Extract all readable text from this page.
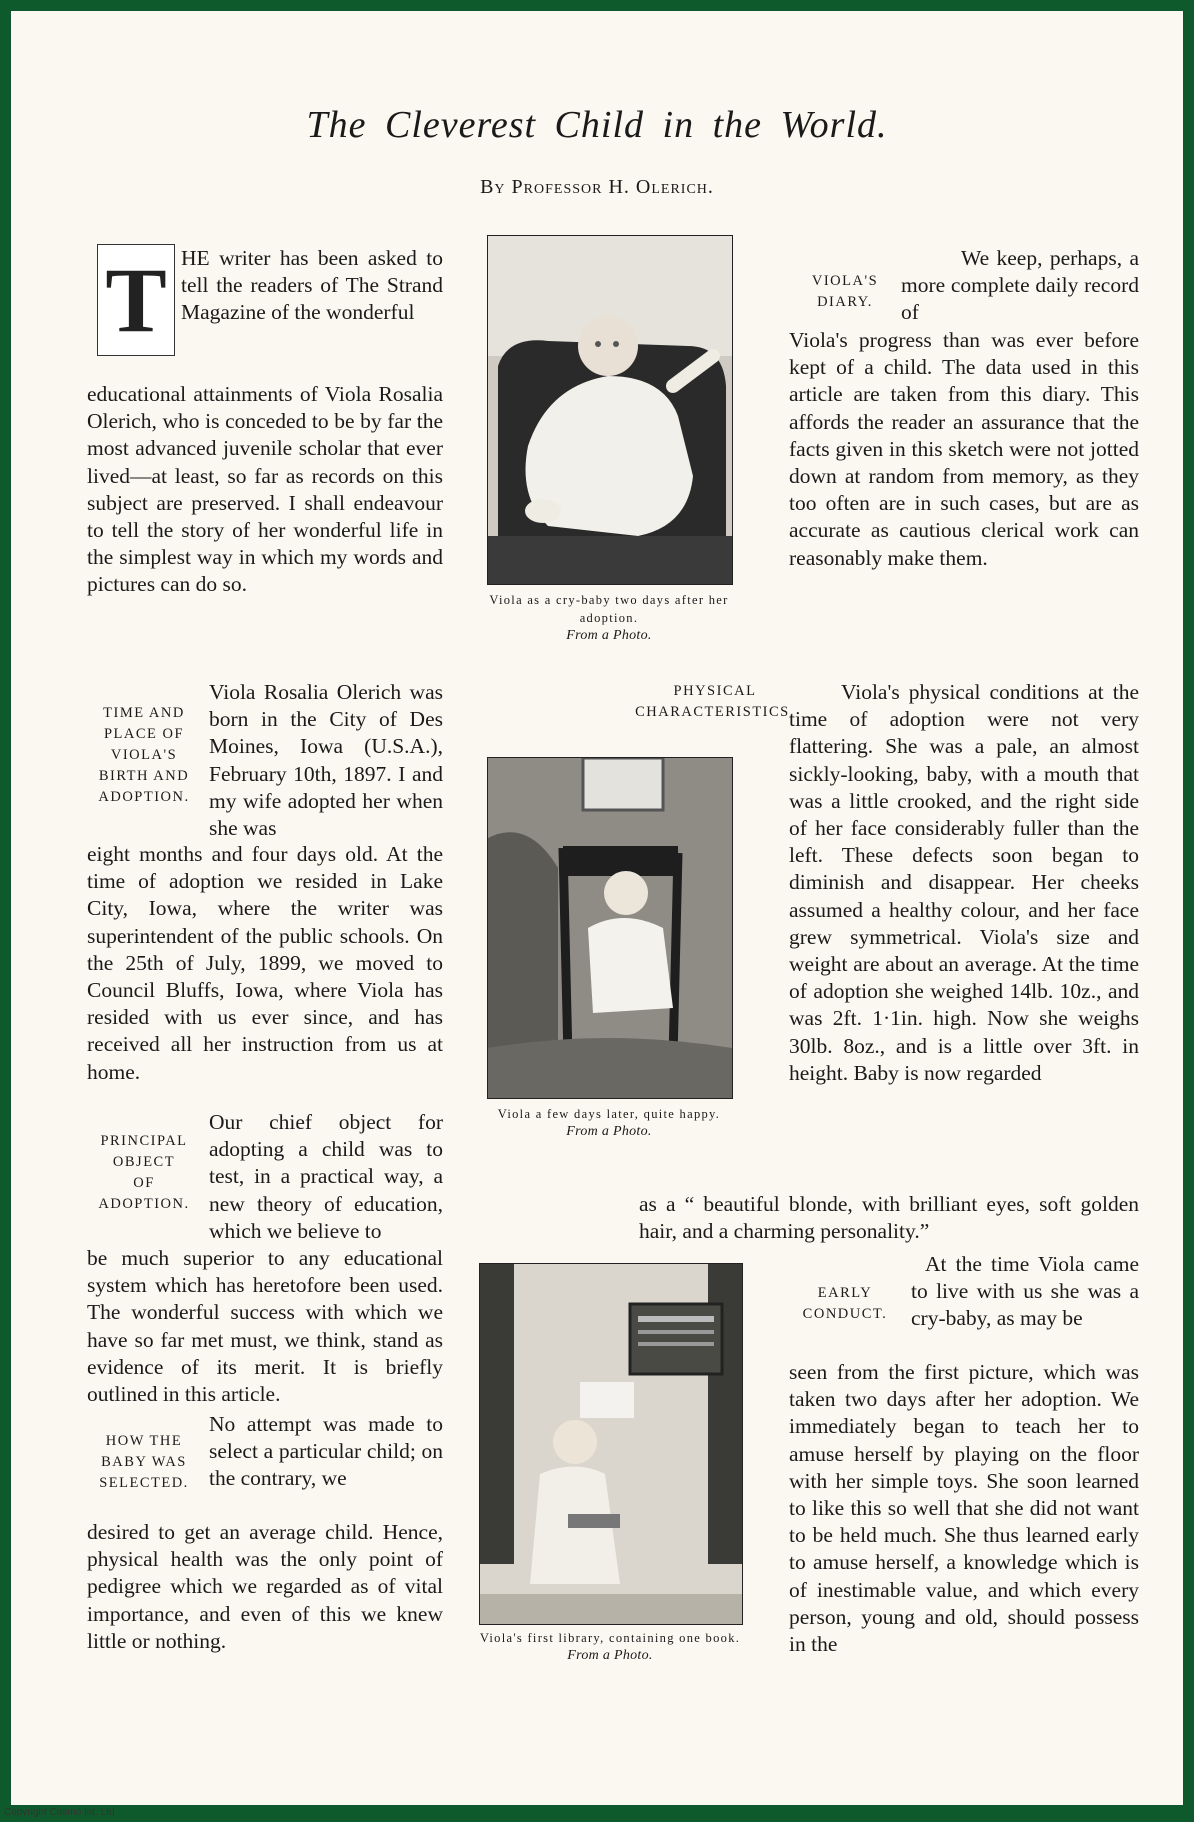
The Cleverest Child in the World.
By Professor H. Olerich.
T HE writer has been asked to tell the readers of The Strand Magazine of the wonderful

educational attainments of Viola Rosalia Olerich, who is conceded to be by far the most advanced juvenile scholar that ever lived—at least, so far as records on this subject are preserved. I shall endeavour to tell the story of her wonderful life in the simplest way in which my words and pictures can do so.

TIME AND
PLACE OF
VIOLA'S
BIRTH AND
ADOPTION.

Viola Rosalia Olerich was born in the City of Des Moines, Iowa (U.S.A.), February 10th, 1897. I and my wife adopted her when she was

eight months and four days old. At the time of adoption we resided in Lake City, Iowa, where the writer was superintendent of the public schools. On the 25th of July, 1899, we moved to Council Bluffs, Iowa, where Viola has resided with us ever since, and has received all her instruction from us at home.

PRINCIPAL
OBJECT
OF
ADOPTION.

Our chief object for adopting a child was to test, in a practical way, a new theory of education, which we believe to

be much superior to any educational system which has heretofore been used. The wonderful success with which we have so far met must, we think, stand as evidence of its merit. It is briefly outlined in this article.

HOW THE
BABY WAS
SELECTED.

No attempt was made to select a particular child; on the contrary, we

desired to get an average child. Hence, physical health was the only point of pedigree which we regarded as of vital importance, and even of this we knew little or nothing.

Viola as a cry-baby two days after her adoption.
From a Photo.
Viola a few days later, quite happy.
From a Photo.
Viola's first library, containing one book.
From a Photo.
VIOLA'S
DIARY.

We keep, perhaps, a more complete daily record of

Viola's progress than was ever before kept of a child. The data used in this article are taken from this diary. This affords the reader an assurance that the facts given in this sketch were not jotted down at random from memory, as they too often are in such cases, but are as accurate as cautious clerical work can reasonably make them.

PHYSICAL
CHARACTERISTICS.

Viola's physical conditions at the time of adoption were not very flattering. She was a pale, an almost sickly-looking, baby, with a mouth that was a little crooked, and the right side of her face considerably fuller than the left. These defects soon began to diminish and disappear. Her cheeks assumed a healthy colour, and her face grew symmetrical. Viola's size and weight are about an average. At the time of adoption she weighed 14lb. 10z., and was 2ft. 1·1in. high. Now she weighs 30lb. 8oz., and is a little over 3ft. in height. Baby is now regarded

as a “ beautiful blonde, with brilliant eyes, soft golden hair, and a charming personality.”

EARLY
CONDUCT.

At the time Viola came to live with us she was a cry-baby, as may be

seen from the first picture, which was taken two days after her adoption. We immediately began to teach her to amuse herself by playing on the floor with her simple toys. She soon learned to like this so well that she did not want to be held much. She thus learned early to amuse herself, a knowledge which is of inestimable value, and which every person, young and old, should possess in the

Copyright Cosmo Int. Ltd
